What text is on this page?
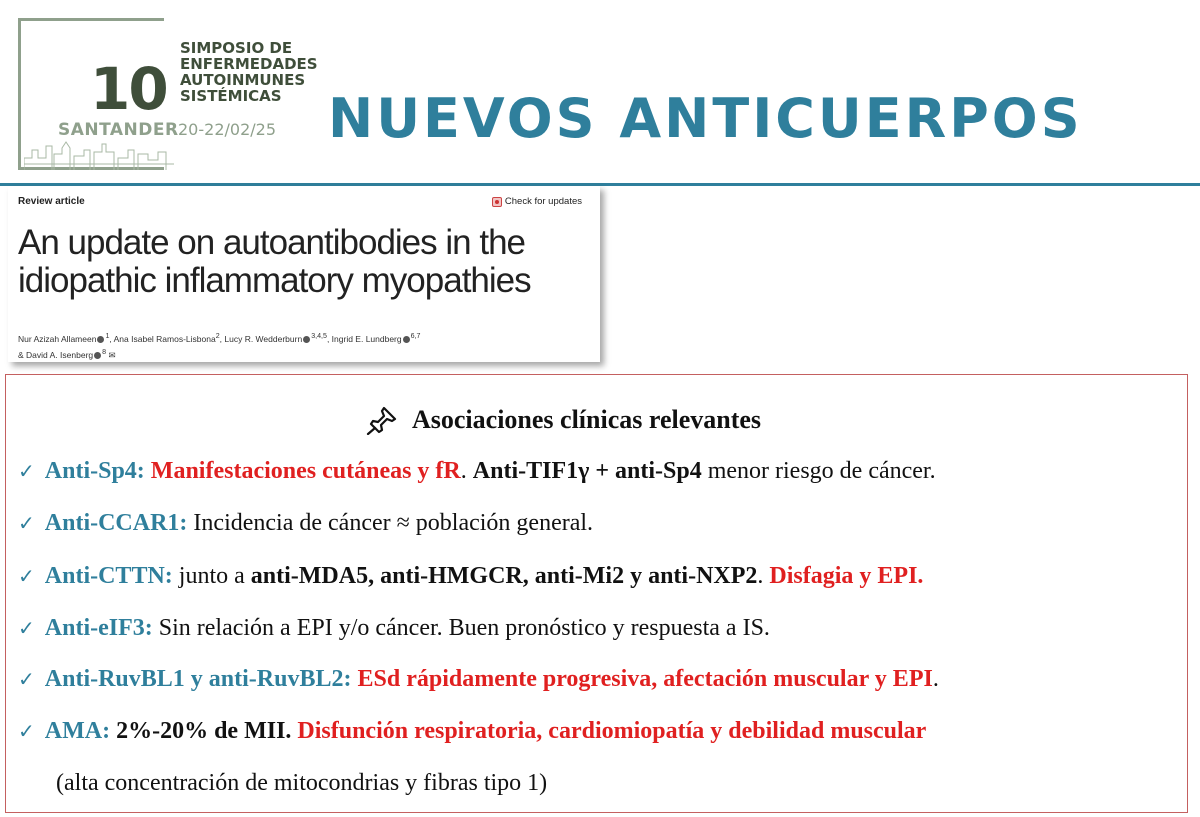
10
SIMPOSIO DE
ENFERMEDADES
AUTOINMUNES
SISTÉMICAS
SANTANDER 20-22/02/25 NUEVOS ANTICUERPOS
Review article	Check for updates
An update on autoantibodies in the idiopathic inflammatory myopathies
Nur Azizah Allameen $^1$, Ana Isabel Ramos-Lisbona$^2$, Lucy R. Wedderburn $^{3,4,5}$, Ingrid E. Lundberg $^{6,7}$
& David A. Isenberg $^8$ ✉
Asociaciones clínicas relevantes
✓ Anti-Sp4: Manifestaciones cutáneas y fR. Anti-TIF1γ + anti-Sp4 menor riesgo de cáncer.
✓ Anti-CCAR1: Incidencia de cáncer ≈ población general.
✓ Anti-CTTN: junto a anti-MDA5, anti-HMGCR, anti-Mi2 y anti-NXP2. Disfagia y EPI.
✓ Anti-eIF3: Sin relación a EPI y/o cáncer. Buen pronóstico y respuesta a IS.
✓ Anti-RuvBL1 y anti-RuvBL2: ESd rápidamente progresiva, afectación muscular y EPI.
✓ AMA: 2%-20% de MII. Disfunción respiratoria, cardiomiopatía y debilidad muscular
(alta concentración de mitocondrias y fibras tipo 1)
